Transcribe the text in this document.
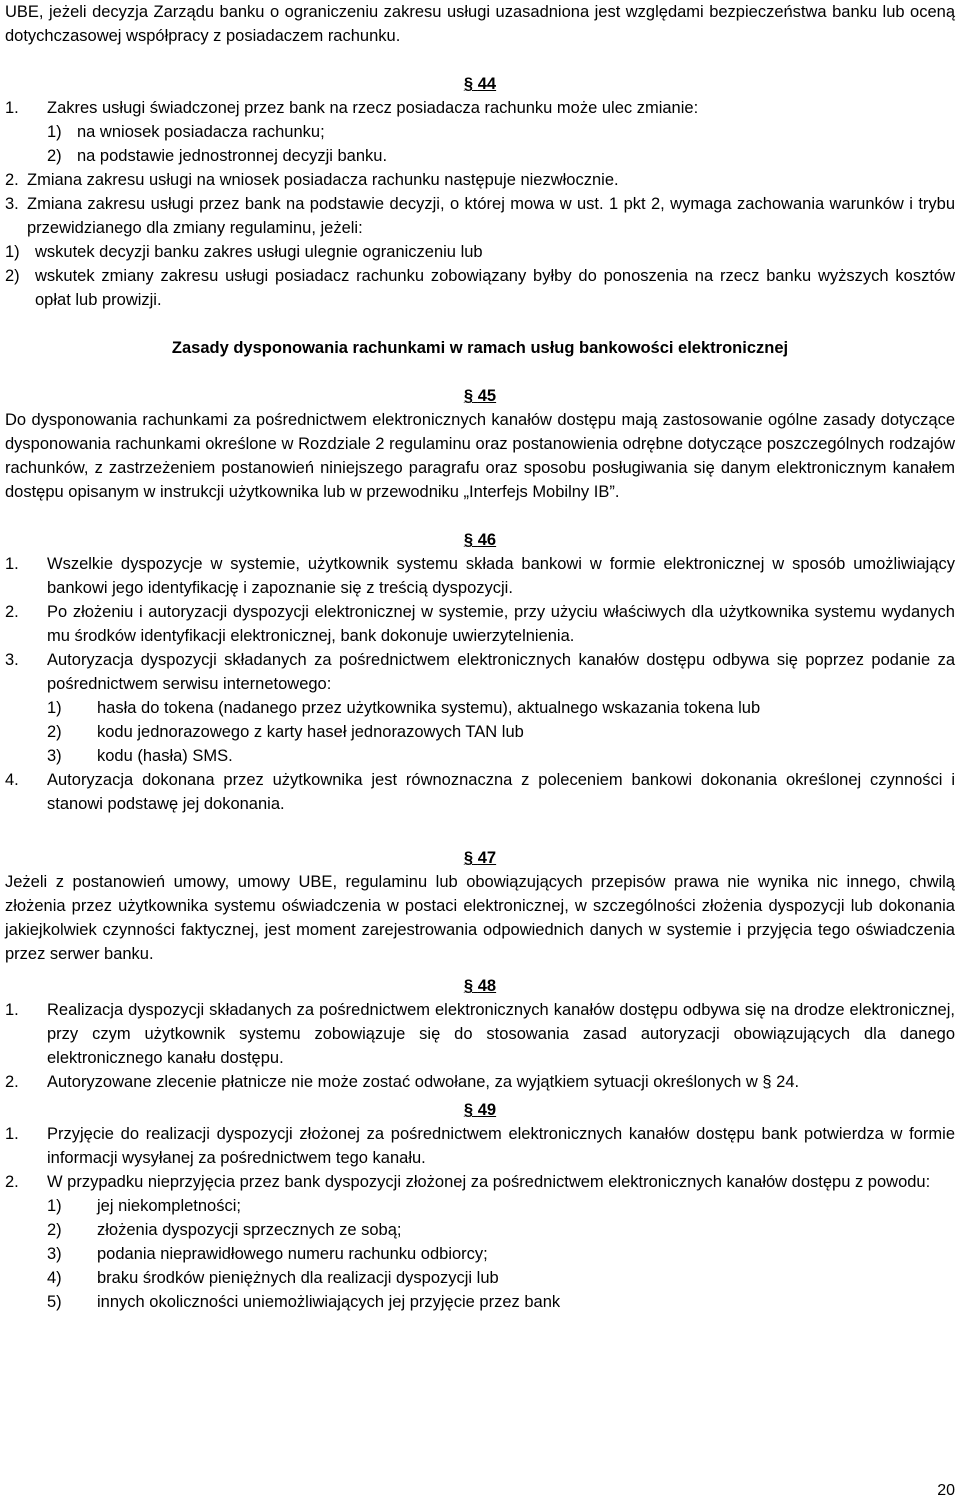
UBE, jeżeli decyzja Zarządu banku o ograniczeniu zakresu usługi uzasadniona jest względami bezpieczeństwa banku lub oceną dotychczasowej współpracy z posiadaczem rachunku.

§ 44

1.	Zakres usługi świadczonej przez bank na rzecz posiadacza rachunku może ulec zmianie:
1) na wniosek posiadacza rachunku;
2) na podstawie jednostronnej decyzji banku.
2. Zmiana zakresu usługi na wniosek posiadacza rachunku następuje niezwłocznie.
3. Zmiana zakresu usługi przez bank na podstawie decyzji, o której mowa w ust. 1 pkt 2, wymaga zachowania warunków i trybu przewidzianego dla zmiany regulaminu, jeżeli:
1) wskutek decyzji banku zakres usługi ulegnie ograniczeniu lub
2) wskutek zmiany zakresu usługi posiadacz rachunku zobowiązany byłby do ponoszenia na rzecz banku wyższych kosztów opłat lub prowizji.

Zasady dysponowania rachunkami w ramach usług bankowości elektronicznej

§ 45

Do dysponowania rachunkami za pośrednictwem elektronicznych kanałów dostępu mają zastosowanie ogólne zasady dotyczące dysponowania rachunkami określone w Rozdziale 2 regulaminu oraz postanowienia odrębne dotyczące poszczególnych rodzajów rachunków, z zastrzeżeniem postanowień niniejszego paragrafu oraz sposobu posługiwania się danym elektronicznym kanałem dostępu opisanym w instrukcji użytkownika lub w przewodniku „Interfejs Mobilny IB”.

§ 46

1.	Wszelkie dyspozycje w systemie, użytkownik systemu składa bankowi w formie elektronicznej w sposób umożliwiający bankowi jego identyfikację i zapoznanie się z treścią dyspozycji.
2.	Po złożeniu i autoryzacji dyspozycji elektronicznej w systemie, przy użyciu właściwych dla użytkownika systemu wydanych mu środków identyfikacji elektronicznej, bank dokonuje uwierzytelnienia.
3.	Autoryzacja dyspozycji składanych za pośrednictwem elektronicznych kanałów dostępu odbywa się poprzez podanie za pośrednictwem serwisu internetowego:
1)	hasła do tokena (nadanego przez użytkownika systemu), aktualnego wskazania tokena lub
2)	kodu jednorazowego z karty haseł jednorazowych TAN lub
3)	kodu (hasła) SMS.
4.	Autoryzacja dokonana przez użytkownika jest równoznaczna z poleceniem bankowi dokonania określonej czynności i stanowi podstawę jej dokonania.

§ 47

Jeżeli z postanowień umowy, umowy UBE, regulaminu lub obowiązujących przepisów prawa nie wynika nic innego, chwilą złożenia przez użytkownika systemu oświadczenia w postaci elektronicznej, w szczególności złożenia dyspozycji lub dokonania jakiejkolwiek czynności faktycznej, jest moment zarejestrowania odpowiednich danych w systemie i przyjęcia tego oświadczenia przez serwer banku.

§ 48

1.	Realizacja dyspozycji składanych za pośrednictwem elektronicznych kanałów dostępu odbywa się na drodze elektronicznej, przy czym użytkownik systemu zobowiązuje się do stosowania zasad autoryzacji obowiązujących dla danego elektronicznego kanału dostępu.
2.	Autoryzowane zlecenie płatnicze nie może zostać odwołane, za wyjątkiem sytuacji określonych w § 24.

§ 49

1.	Przyjęcie do realizacji dyspozycji złożonej za pośrednictwem elektronicznych kanałów dostępu bank potwierdza w formie informacji wysyłanej za pośrednictwem tego kanału.
2.	W przypadku nieprzyjęcia przez bank dyspozycji złożonej za pośrednictwem elektronicznych kanałów dostępu z powodu:
1)	jej niekompletności;
2)	złożenia dyspozycji sprzecznych ze sobą;
3)	podania nieprawidłowego numeru rachunku odbiorcy;
4)	braku środków pieniężnych dla realizacji dyspozycji lub
5)	innych okoliczności uniemożliwiających jej przyjęcie przez bank
20
